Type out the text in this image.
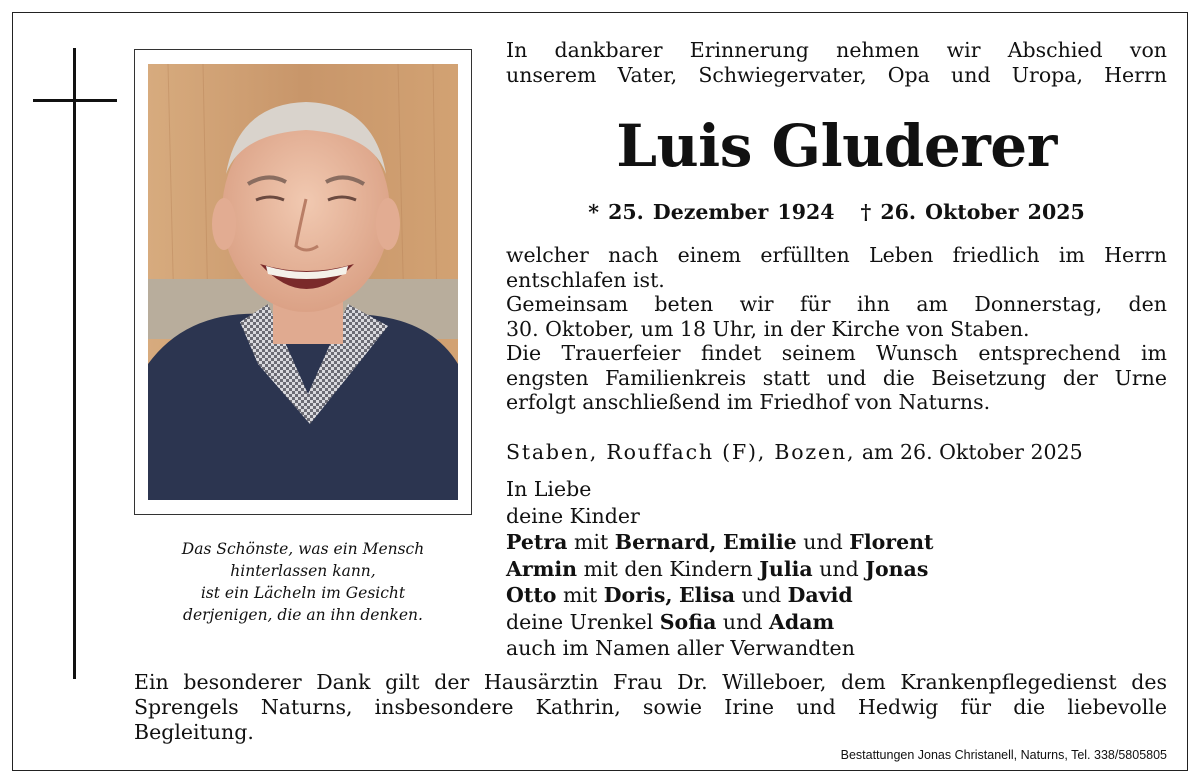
Das Schönste, was ein Mensch
hinterlassen kann,
ist ein Lächeln im Gesicht
derjenigen, die an ihn denken.
In dankbarer Erinnerung nehmen wir Abschied von
unserem Vater, Schwiegervater, Opa und Uropa, Herrn
Luis Gluderer
* 25. Dezember 1924 † 26. Oktober 2025
welcher nach einem erfüllten Leben friedlich im Herrn
entschlafen ist.
Gemeinsam beten wir für ihn am Donnerstag, den
30. Oktober, um 18 Uhr, in der Kirche von Staben.
Die Trauerfeier findet seinem Wunsch entsprechend im
engsten Familienkreis statt und die Beisetzung der Urne
erfolgt anschließend im Friedhof von Naturns.
Staben, Rouffach (F), Bozen, am 26. Oktober 2025
In Liebe
deine Kinder
Petra mit Bernard, Emilie und Florent
Armin mit den Kindern Julia und Jonas
Otto mit Doris, Elisa und David
deine Urenkel Sofia und Adam
auch im Namen aller Verwandten
Ein besonderer Dank gilt der Hausärztin Frau Dr. Willeboer, dem Krankenpflegedienst des
Sprengels Naturns, insbesondere Kathrin, sowie Irine und Hedwig für die liebevolle
Begleitung.
Bestattungen Jonas Christanell, Naturns, Tel. 338/5805805
